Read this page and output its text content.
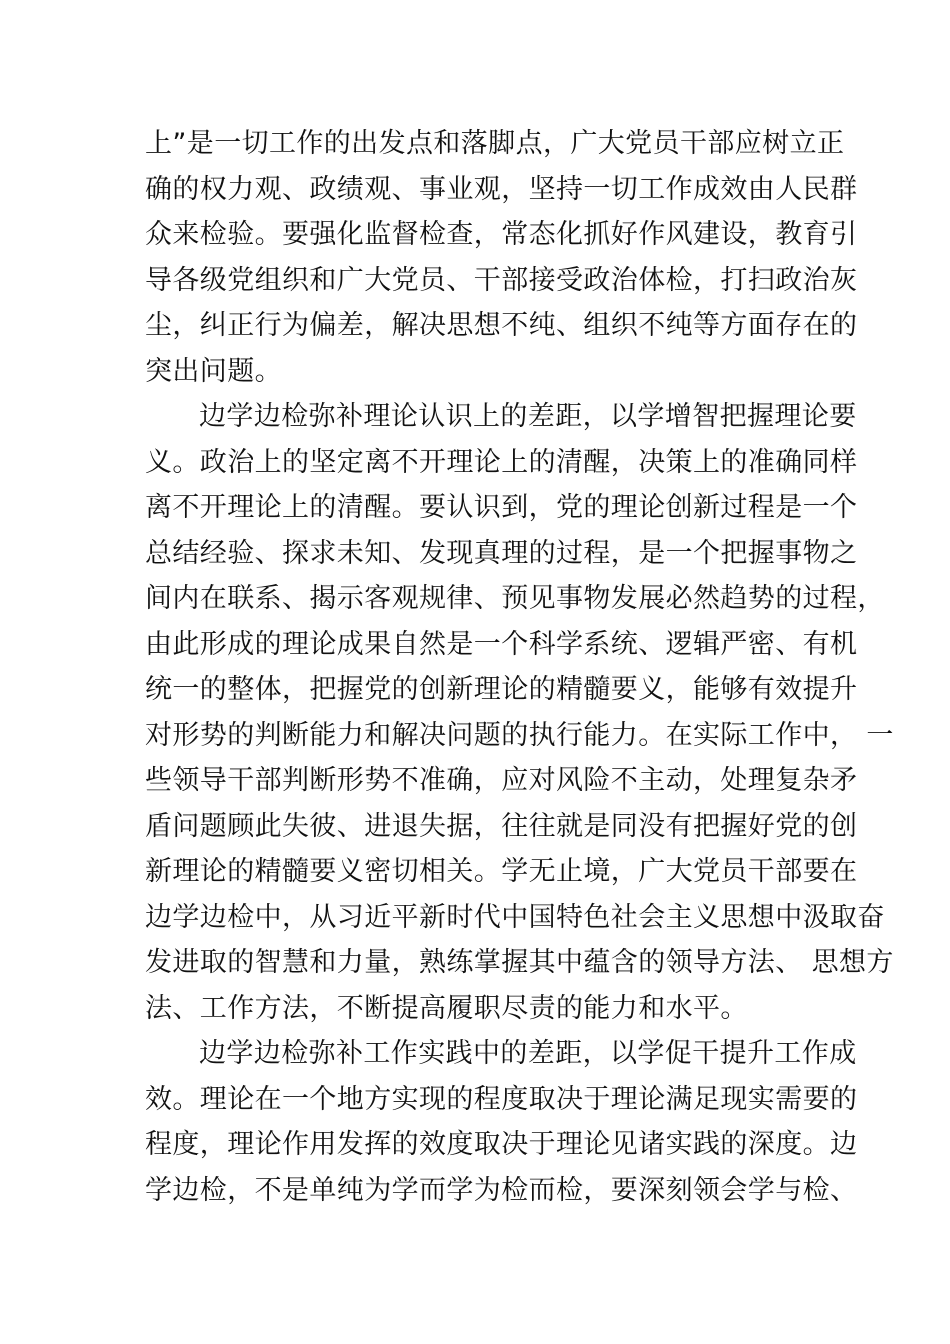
上”是一切工作的出发点和落脚点，广大党员干部应树立正
确的权力观、政绩观、事业观，坚持一切工作成效由人民群
众来检验。要强化监督检查，常态化抓好作风建设，教育引
导各级党组织和广大党员、干部接受政治体检，打扫政治灰
尘，纠正行为偏差，解决思想不纯、组织不纯等方面存在的
突出问题。
边学边检弥补理论认识上的差距，以学增智把握理论要
义。政治上的坚定离不开理论上的清醒，决策上的准确同样
离不开理论上的清醒。要认识到，党的理论创新过程是一个
总结经验、探求未知、发现真理的过程，是一个把握事物之
间内在联系、揭示客观规律、预见事物发展必然趋势的过程，
由此形成的理论成果自然是一个科学系统、逻辑严密、有机
统一的整体，把握党的创新理论的精髓要义，能够有效提升
对形势的判断能力和解决问题的执行能力。在实际工作中， 一
些领导干部判断形势不准确，应对风险不主动，处理复杂矛
盾问题顾此失彼、进退失据，往往就是同没有把握好党的创
新理论的精髓要义密切相关。学无止境，广大党员干部要在
边学边检中，从习近平新时代中国特色社会主义思想中汲取奋
发进取的智慧和力量，熟练掌握其中蕴含的领导方法、 思想方
法、工作方法，不断提高履职尽责的能力和水平。
边学边检弥补工作实践中的差距，以学促干提升工作成
效。理论在一个地方实现的程度取决于理论满足现实需要的
程度，理论作用发挥的效度取决于理论见诸实践的深度。边
学边检，不是单纯为学而学为检而检，要深刻领会学与检、
